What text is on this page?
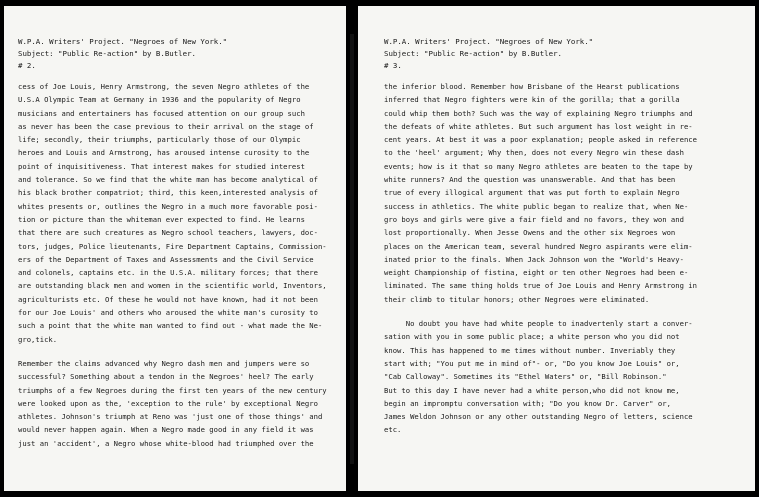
W.P.A. Writers' Project. "Negroes of New York."
Subject: "Public Re-action" by B.Butler.
# 2.

cess of Joe Louis, Henry Armstrong, the seven Negro athletes of the

U.S.A Olympic Team at Germany in 1936 and the popularity of Negro

musicians and entertainers has focused attention on our group such

as never has been the case previous to their arrival on the stage of

life; secondly, their triumphs, particularly those of our Olympic

heroes and Louis and Armstrong, has aroused intense curosity to the

point of inquisitiveness. That interest makes for studied interest

and tolerance. So we find that the white man has become analytical of

his black brother compatriot; third, this keen,interested analysis of

whites presents or, outlines the Negro in a much more favorable posi-

tion or picture than the whiteman ever expected to find. He learns

that there are such creatures as Negro school teachers, lawyers, doc-

tors, judges, Police lieutenants, Fire Department Captains, Commission-

ers of the Department of Taxes and Assessments and the Civil Service

and colonels, captains etc. in the U.S.A. military forces; that there

are outstanding black men and women in the scientific world, Inventors,

agriculturists etc. Of these he would not have known, had it not been

for our Joe Louis' and others who aroused the white man's curosity to

such a point that the white man wanted to find out - what made the Ne-

gro,tick.

Remember the claims advanced why Negro dash men and jumpers were so

successful? Something about a tendon in the Negroes' heel? The early

triumphs of a few Negroes during the first ten years of the new century

were looked upon as the, 'exception to the rule' by exceptional Negro

athletes. Johnson's triumph at Reno was 'just one of those things' and

would never happen again. When a Negro made good in any field it was

just an 'accident', a Negro whose white-blood had triumphed over the

W.P.A. Writers' Project. "Negroes of New York."
Subject: "Public Re-action" by B.Butler.
# 3.

the inferior blood. Remember how Brisbane of the Hearst publications

inferred that Negro fighters were kin of the gorilla; that a gorilla

could whip them both? Such was the way of explaining Negro triumphs and

the defeats of white athletes. But such argument has lost weight in re-

cent years. At best it was a poor explanation; people asked in reference

to the 'heel' argument; Why then, does not every Negro win these dash

events; how is it that so many Negro athletes are beaten to the tape by

white runners? And the question was unanswerable. And that has been

true of every illogical argument that was put forth to explain Negro

success in athletics. The white public began to realize that, when Ne-

gro boys and girls were give a fair field and no favors, they won and

lost proportionally. When Jesse Owens and the other six Negroes won

places on the American team, several hundred Negro aspirants were elim-

inated prior to the finals. When Jack Johnson won the "World's Heavy-

weight Championship of fistina, eight or ten other Negroes had been e-

liminated. The same thing holds true of Joe Louis and Henry Armstrong in

their climb to titular honors; other Negroes were eliminated.

No doubt you have had white people to inadvertenly start a conver-

sation with you in some public place; a white person who you did not

know. This has happened to me times without number. Inveriably they

start with; "You put me in mind of"- or, "Do you know Joe Louis" or,

"Cab Calloway". Sometimes its "Ethel Waters" or, "Bill Robinson."

But to this day I have never had a white person,who did not know me,

begin an impromptu conversation with; "Do you know Dr. Carver" or,

James Weldon Johnson or any other outstanding Negro of letters, science

etc.
